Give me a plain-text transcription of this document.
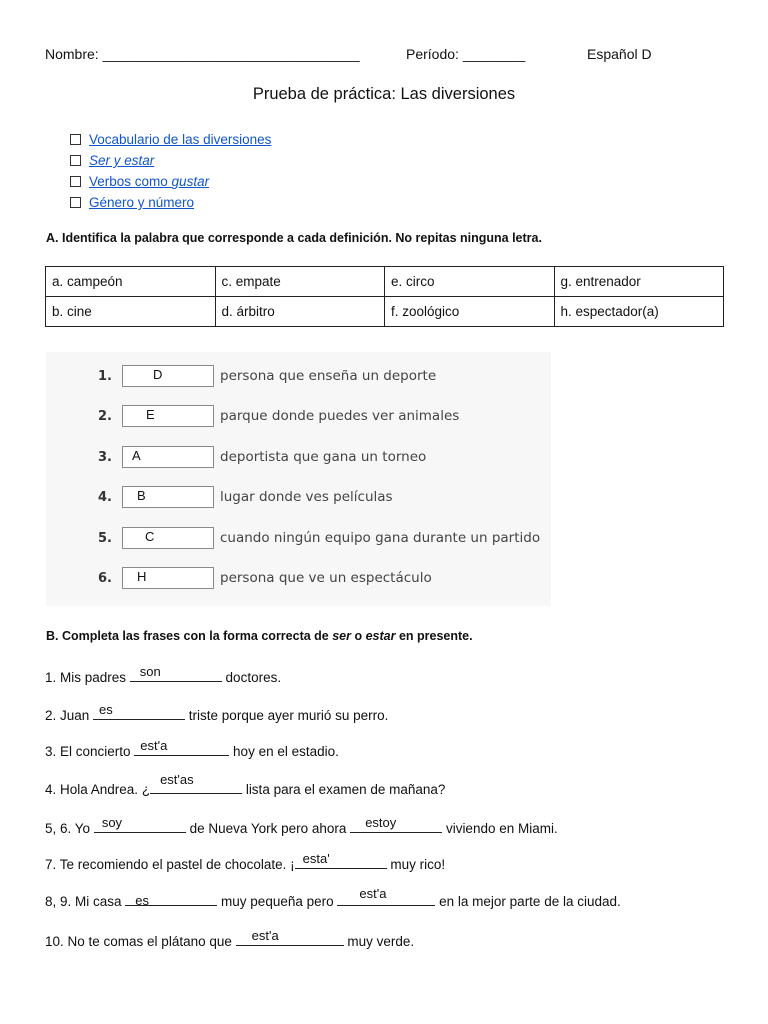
Nombre: _________________________________	Período: ________	Español D
Prueba de práctica: Las diversiones
Vocabulario de las diversiones
Ser y estar
Verbos como gustar
Género y número
A. Identifica la palabra que corresponde a cada definición. No repitas ninguna letra.
a. campeón	c. empate	e. circo	g. entrenador
b. cine	d. árbitro	f. zoológico	h. espectador(a)
1.	D	persona que enseña un deporte
2.	E	parque donde puedes ver animales
3. A	deportista que gana un torneo
4. B	lugar donde ves películas
5.	C	cuando ningún equipo gana durante un partido
6. H	persona que ve un espectáculo
B. Completa las frases con la forma correcta de ser o estar en presente.
1. Mis padres son	doctores.
2. Juan es	triste porque ayer murió su perro.
3. El concierto est'a	hoy en el estadio.
4. Hola Andrea. ¿
est'as
lista para el examen de mañana?
5, 6. Yo soy	de Nueva York pero ahora estoy	viviendo en Miami.
7. Te recomiendo el pastel de chocolate. ¡ esta'	muy rico!
8, 9. Mi casa es	muy pequeña pero
est'a
en la mejor parte de la ciudad.
10. No te comas el plátano que est'a	muy verde.
